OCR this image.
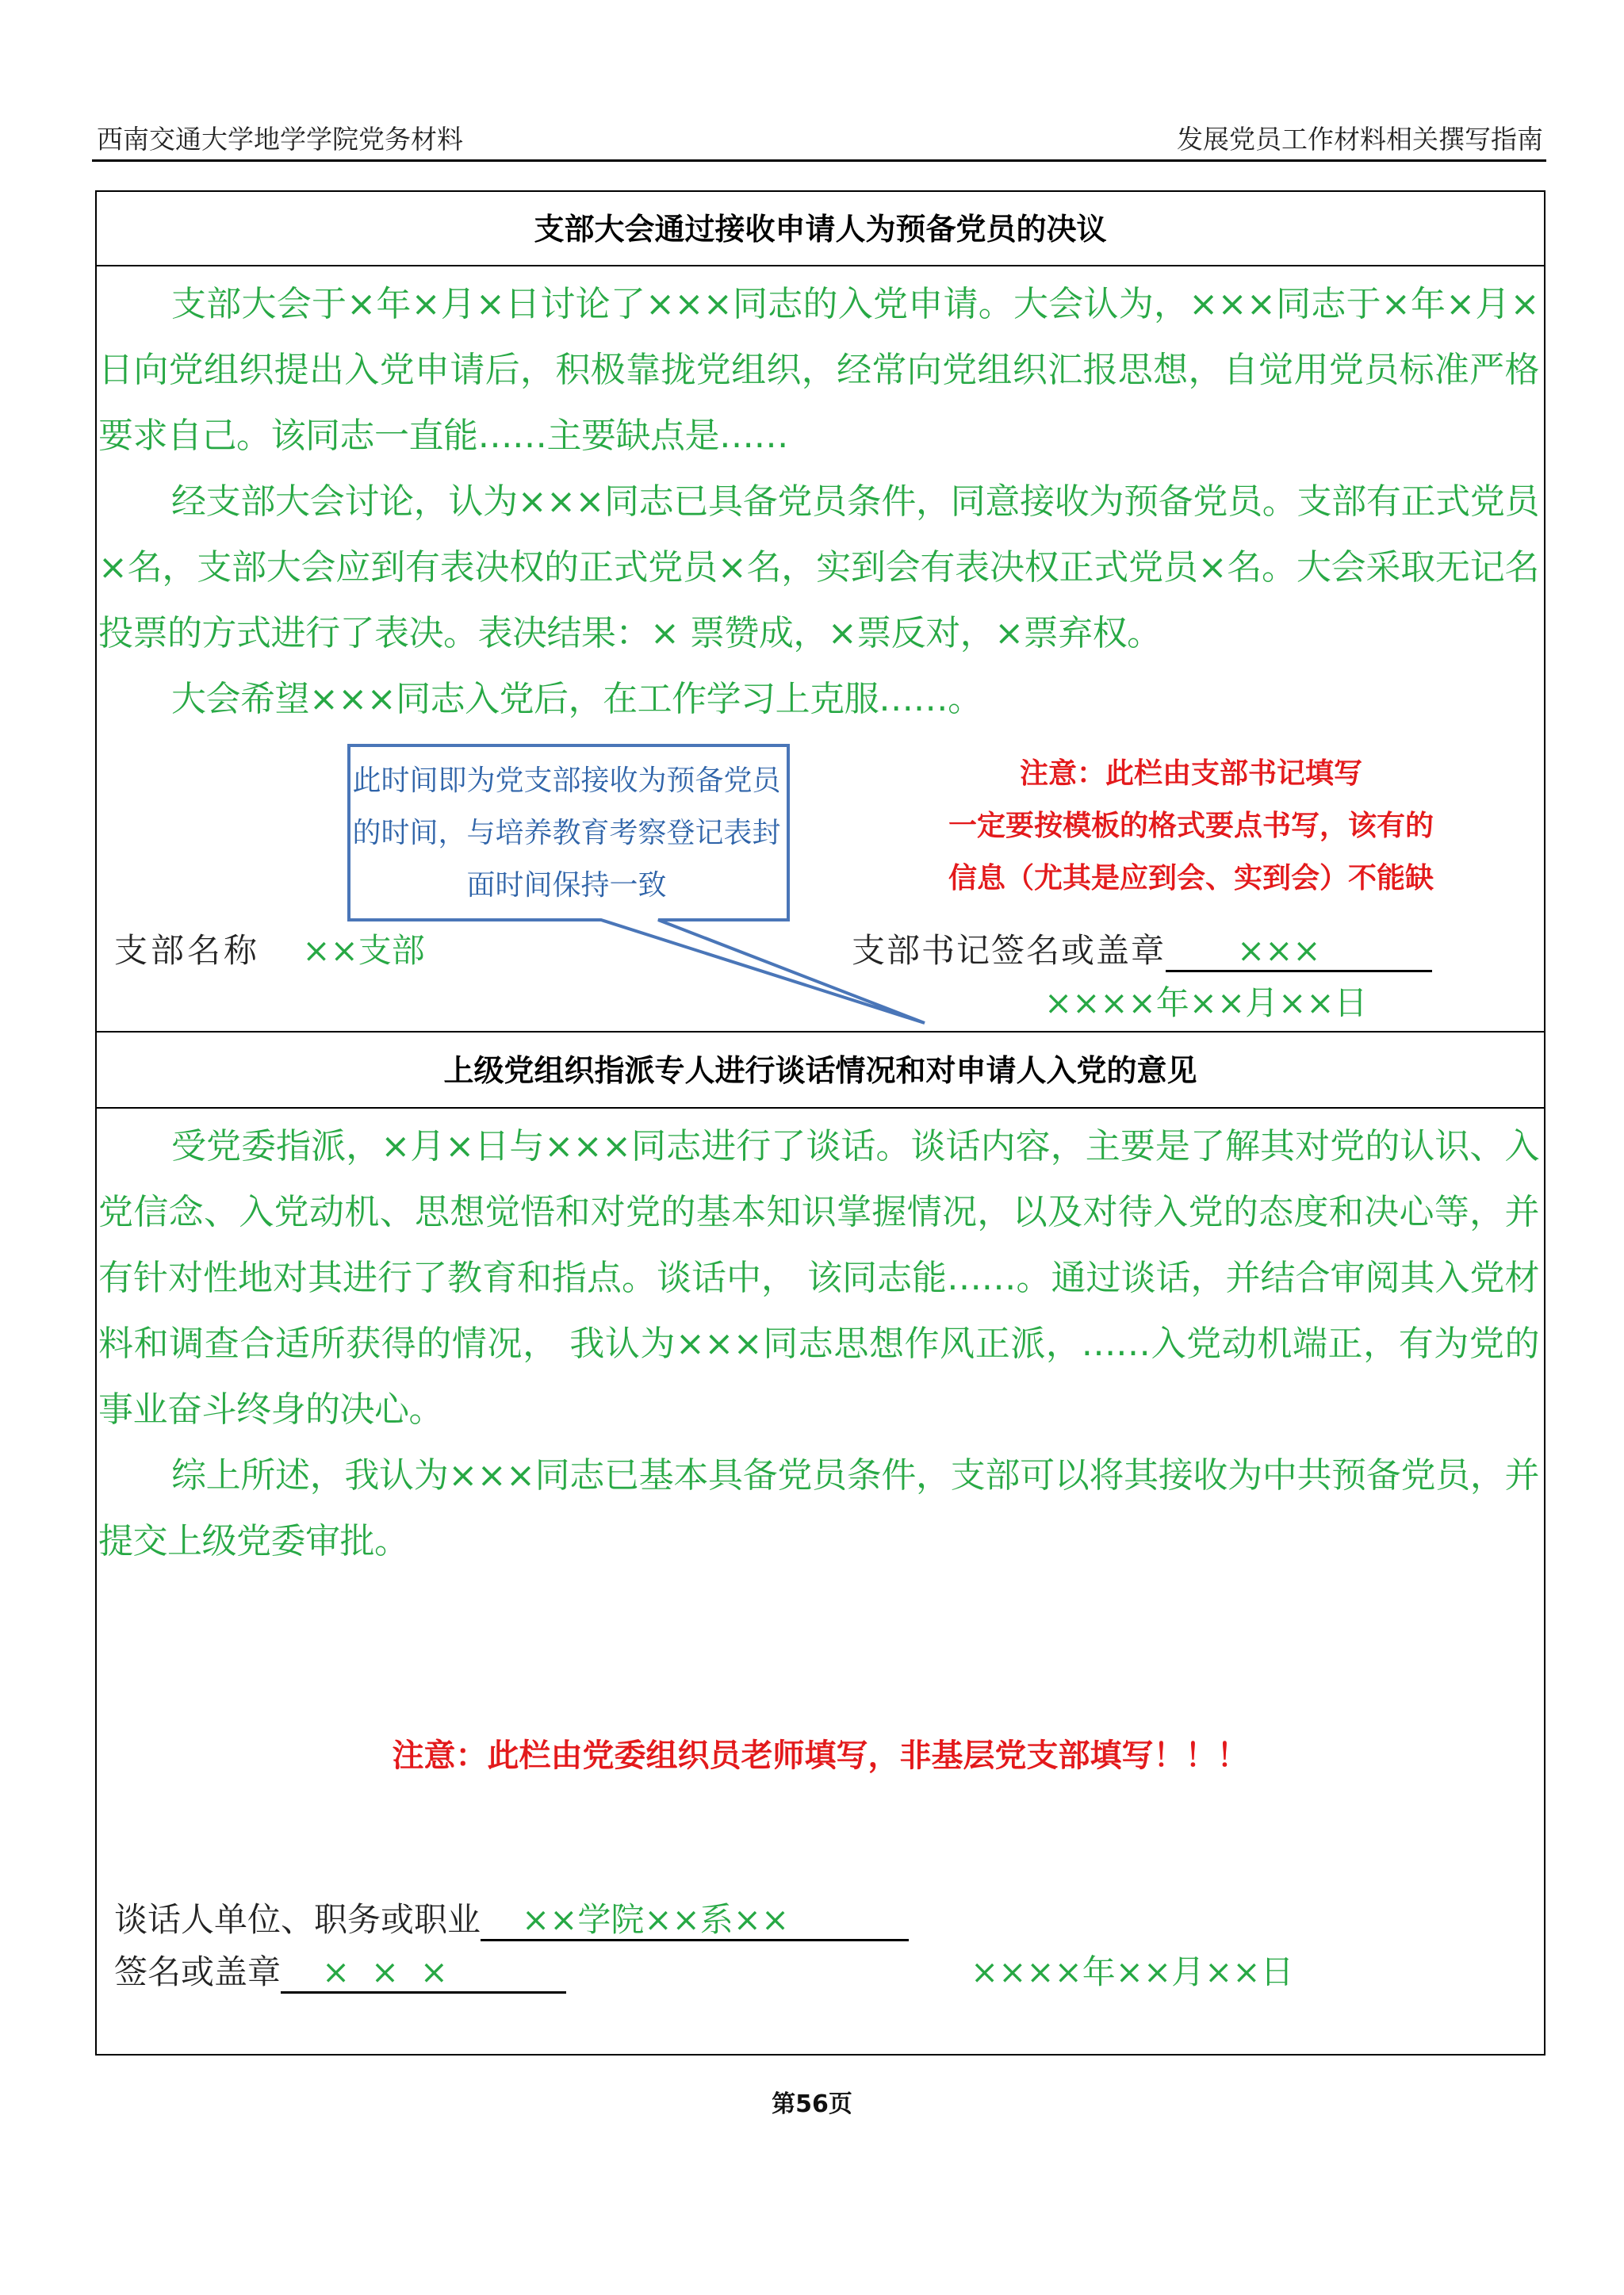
西南交通大学地学学院党务材料	发展党员工作材料相关撰写指南
支部大会通过接收申请人为预备党员的决议

支部大会于×年×月×日讨论了×××同志的入党申请。大会认为，×××同志于×年×月×日向党组织提出入党申请后，积极靠拢党组织，经常向党组织汇报思想，自觉用党员标准严格要求自己。该同志一直能……主要缺点是……

经支部大会讨论，认为×××同志已具备党员条件，同意接收为预备党员。支部有正式党员×名，支部大会应到有表决权的正式党员×名，实到会有表决权正式党员×名。大会采取无记名投票的方式进行了表决。表决结果：× 票赞成，×票反对，×票弃权。

大会希望×××同志入党后，在工作学习上克服……。

此时间即为党支部接收为预备党员的时间，与培养教育考察登记表封面时间保持一致
注意：此栏由支部书记填写
一定要按模板的格式要点书写，该有的
信息（尤其是应到会、实到会）不能缺
支部名称 ××支部	支部书记签名或盖章 ×××
××××年××月××日
上级党组织指派专人进行谈话情况和对申请人入党的意见

受党委指派，×月×日与×××同志进行了谈话。谈话内容，主要是了解其对党的认识、入党信念、入党动机、思想觉悟和对党的基本知识掌握情况，以及对待入党的态度和决心等，并有针对性地对其进行了教育和指点。谈话中， 该同志能……。通过谈话，并结合审阅其入党材料和调查合适所获得的情况， 我认为×××同志思想作风正派，……入党动机端正，有为党的事业奋斗终身的决心。

综上所述，我认为×××同志已基本具备党员条件，支部可以将其接收为中共预备党员，并提交上级党委审批。

注意：此栏由党委组织员老师填写，非基层党支部填写！！！
谈话人单位、职务或职业 ××学院××系××
签名或盖章 ×  ×  ×	××××年××月××日
第56页
